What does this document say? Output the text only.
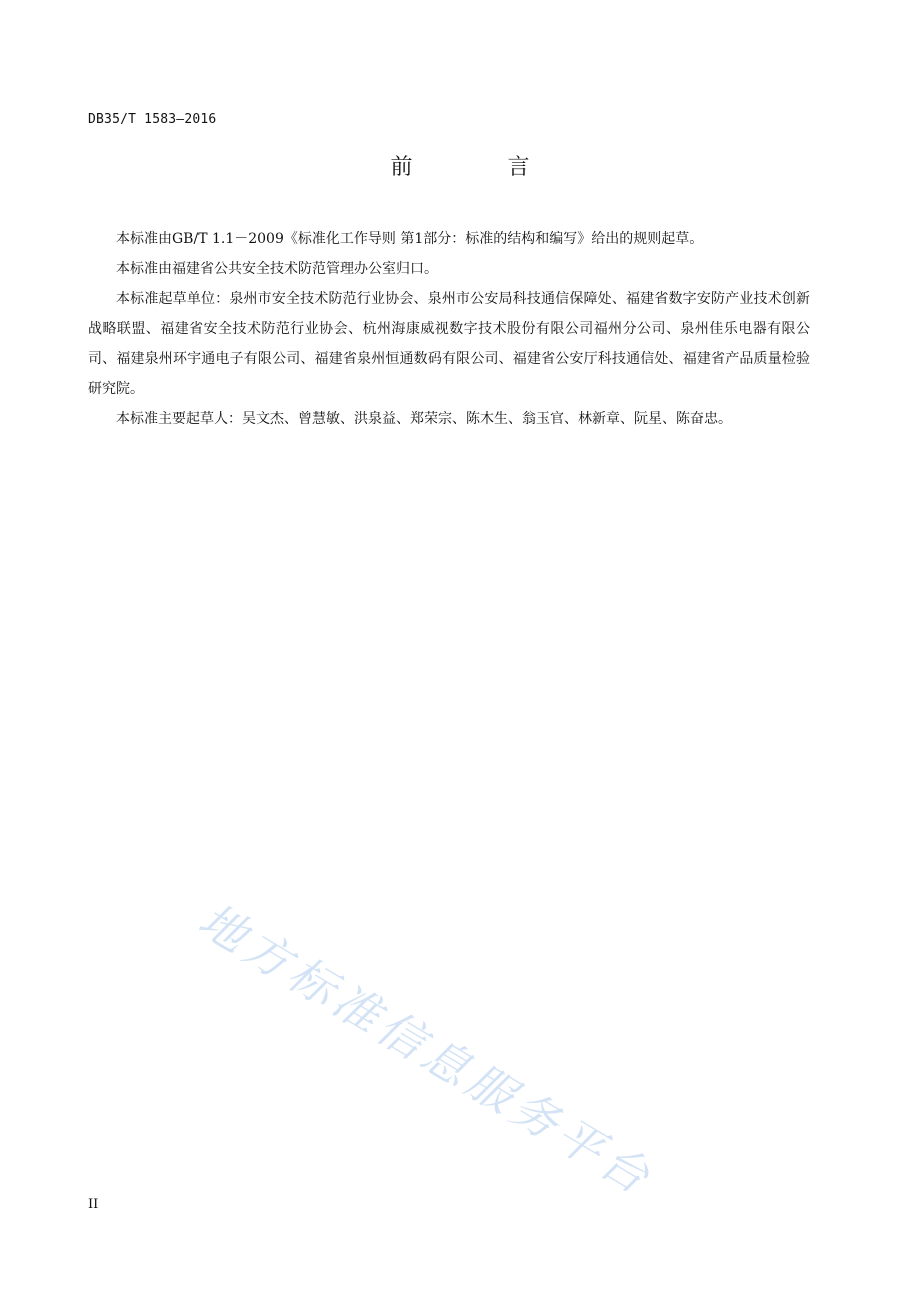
DB35/T 1583—2016
前 言

本标准由GB/T 1.1－2009《标准化工作导则 第1部分：标准的结构和编写》给出的规则起草。

本标准由福建省公共安全技术防范管理办公室归口。

本标准起草单位：泉州市安全技术防范行业协会、泉州市公安局科技通信保障处、福建省数字安防产业技术创新战略联盟、福建省安全技术防范行业协会、杭州海康威视数字技术股份有限公司福州分公司、泉州佳乐电器有限公司、福建泉州环宇通电子有限公司、福建省泉州恒通数码有限公司、福建省公安厅科技通信处、福建省产品质量检验研究院。

本标准主要起草人：吴文杰、曾慧敏、洪泉益、郑荣宗、陈木生、翁玉官、林新章、阮星、陈奋忠。

地方标准信息服务平台
II
